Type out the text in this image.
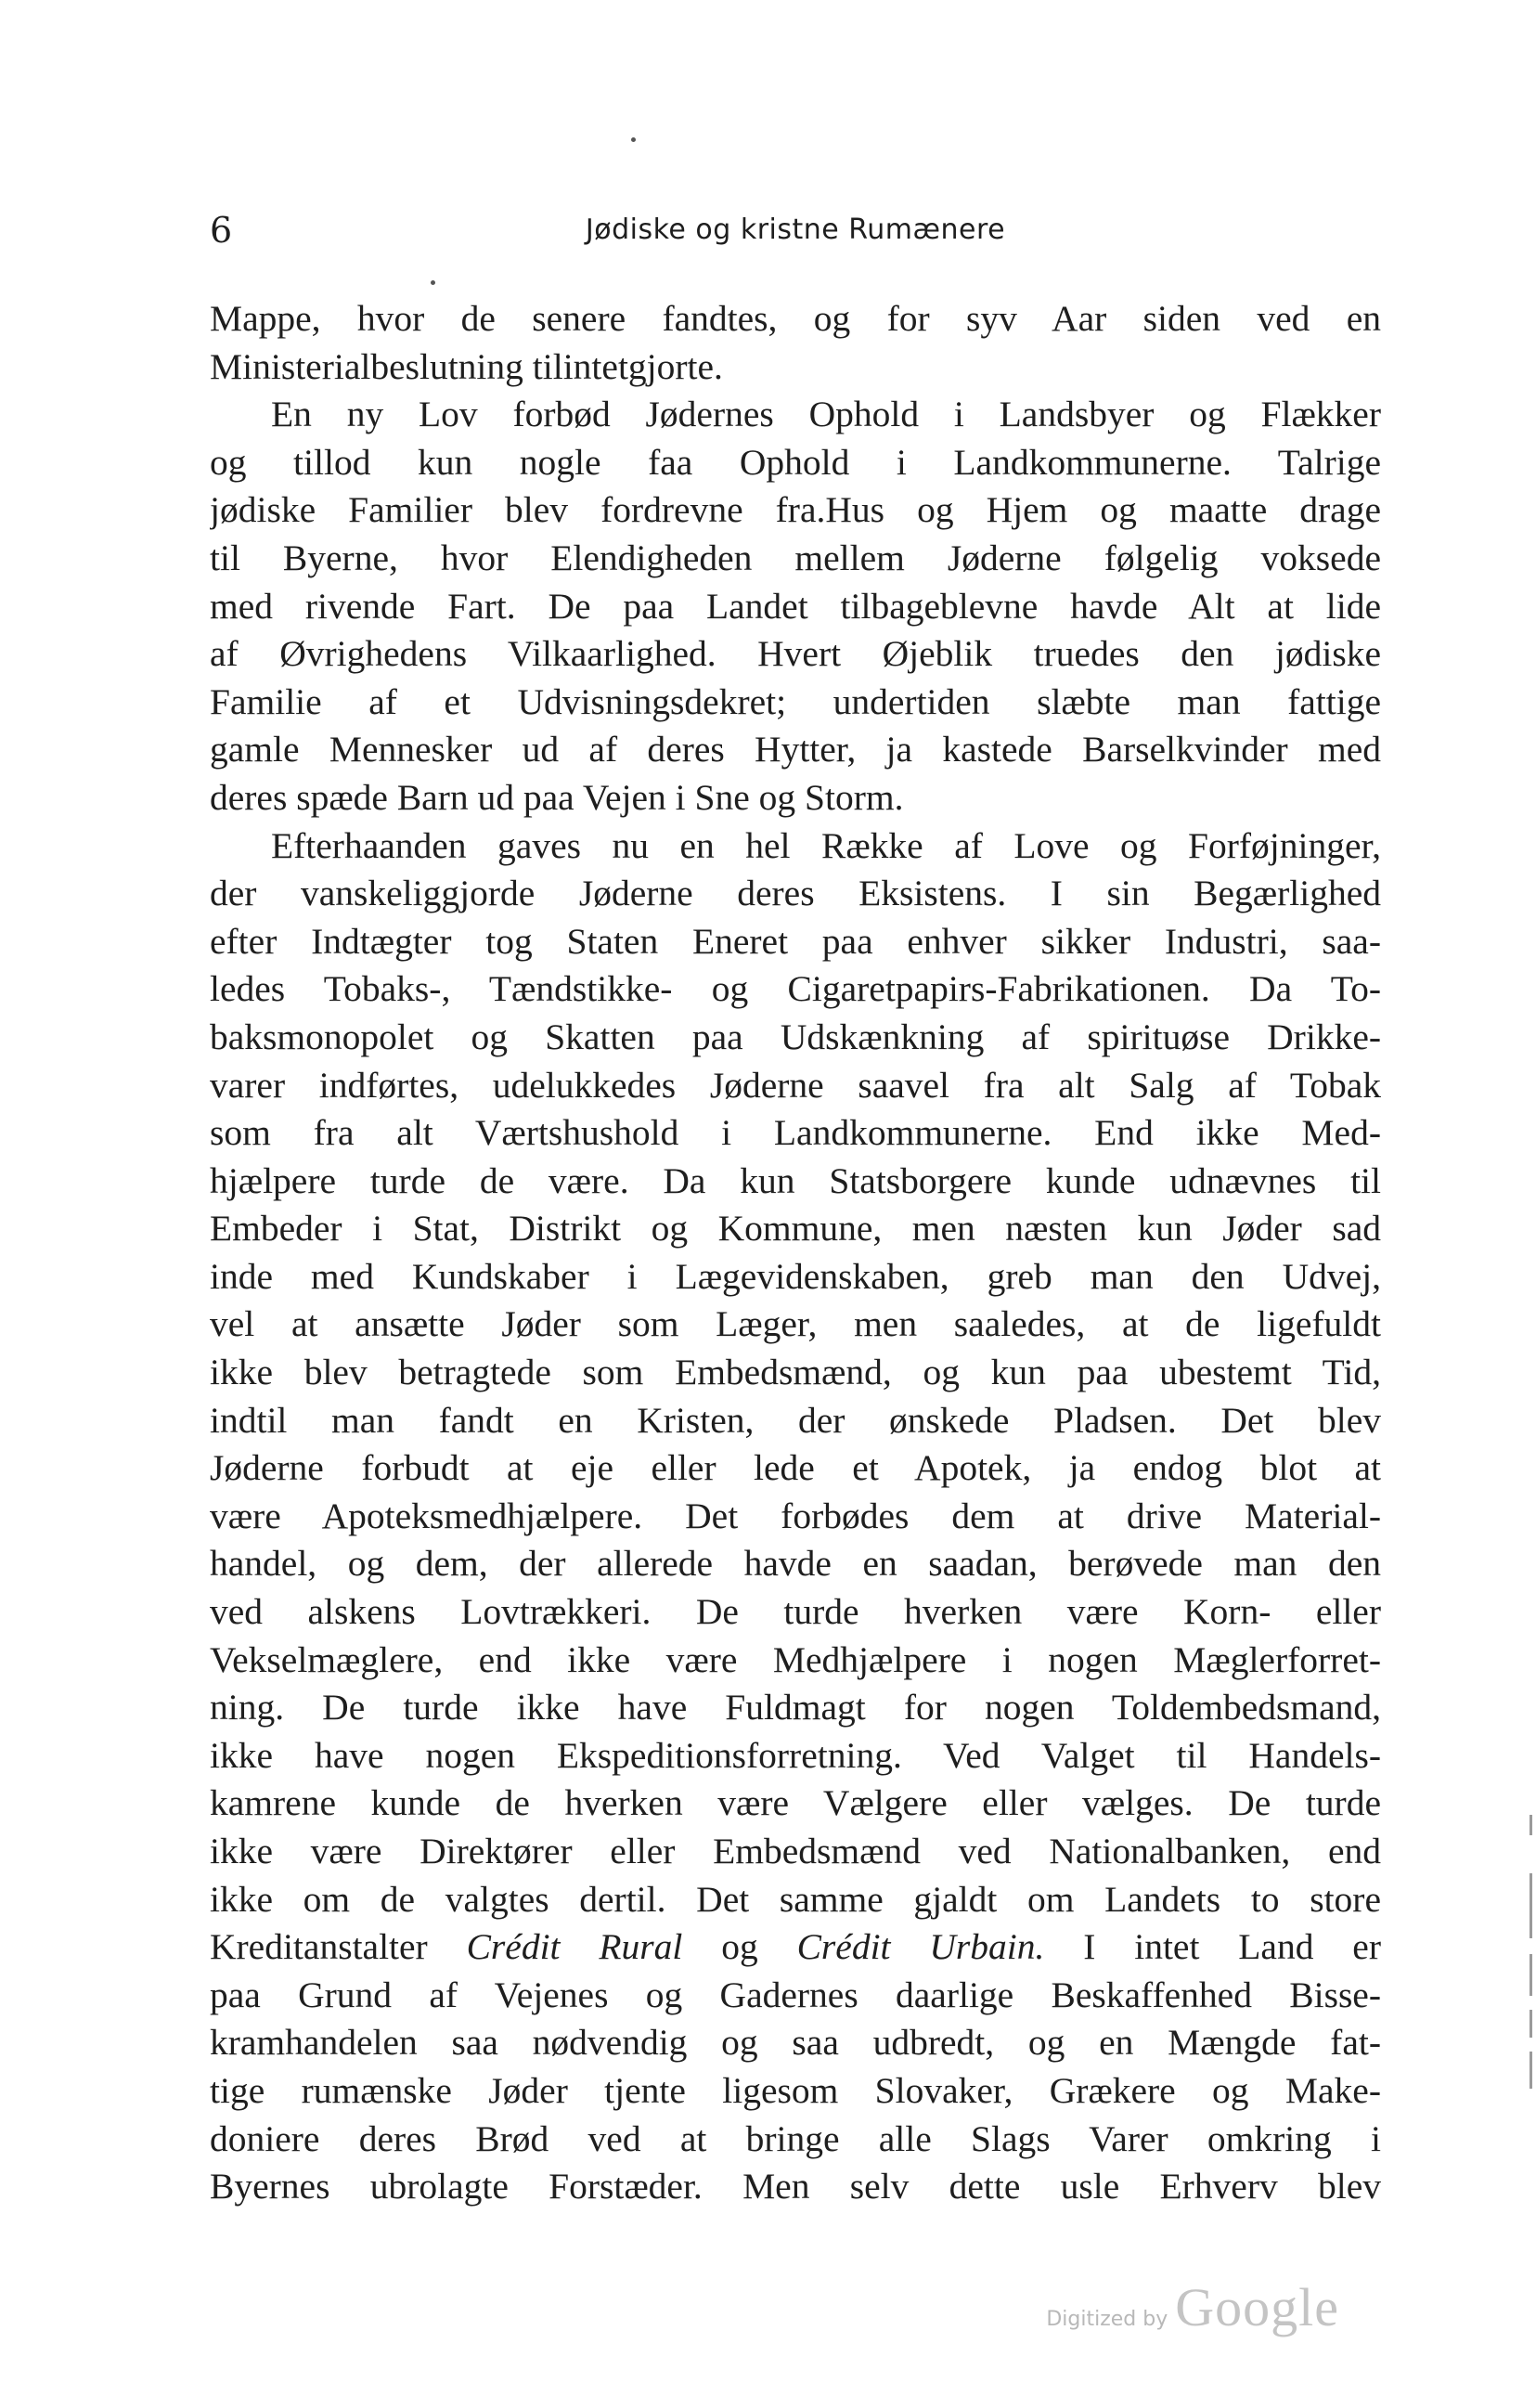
6	Jødiske og kristne Rumænere
Mappe, hvor de senere fandtes, og for syv Aar siden ved en
Ministerialbeslutning tilintetgjorte.
En ny Lov forbød Jødernes Ophold i Landsbyer og Flækker
og tillod kun nogle faa Ophold i Landkommunerne. Talrige
jødiske Familier blev fordrevne fra.Hus og Hjem og maatte drage
til Byerne, hvor Elendigheden mellem Jøderne følgelig voksede
med rivende Fart. De paa Landet tilbageblevne havde Alt at lide
af Øvrighedens Vilkaarlighed. Hvert Øjeblik truedes den jødiske
Familie af et Udvisningsdekret; undertiden slæbte man fattige
gamle Mennesker ud af deres Hytter, ja kastede Barselkvinder med
deres spæde Barn ud paa Vejen i Sne og Storm.
Efterhaanden gaves nu en hel Række af Love og Forføjninger,
der vanskeliggjorde Jøderne deres Eksistens. I sin Begærlighed
efter Indtægter tog Staten Eneret paa enhver sikker Industri, saa-
ledes Tobaks-, Tændstikke- og Cigaretpapirs-Fabrikationen. Da To-
baksmonopolet og Skatten paa Udskænkning af spirituøse Drikke-
varer indførtes, udelukkedes Jøderne saavel fra alt Salg af Tobak
som fra alt Værtshushold i Landkommunerne. End ikke Med-
hjælpere turde de være. Da kun Statsborgere kunde udnævnes til
Embeder i Stat, Distrikt og Kommune, men næsten kun Jøder sad
inde med Kundskaber i Lægevidenskaben, greb man den Udvej,
vel at ansætte Jøder som Læger, men saaledes, at de ligefuldt
ikke blev betragtede som Embedsmænd, og kun paa ubestemt Tid,
indtil man fandt en Kristen, der ønskede Pladsen. Det blev
Jøderne forbudt at eje eller lede et Apotek, ja endog blot at
være Apoteksmedhjælpere. Det forbødes dem at drive Material-
handel, og dem, der allerede havde en saadan, berøvede man den
ved alskens Lovtrækkeri. De turde hverken være Korn- eller
Vekselmæglere, end ikke være Medhjælpere i nogen Mæglerforret-
ning. De turde ikke have Fuldmagt for nogen Toldembedsmand,
ikke have nogen Ekspeditionsforretning. Ved Valget til Handels-
kamrene kunde de hverken være Vælgere eller vælges. De turde
ikke være Direktører eller Embedsmænd ved Nationalbanken, end
ikke om de valgtes dertil. Det samme gjaldt om Landets to store
Kreditanstalter Crédit Rural og Crédit Urbain. I intet Land er
paa Grund af Vejenes og Gadernes daarlige Beskaffenhed Bisse-
kramhandelen saa nødvendig og saa udbredt, og en Mængde fat-
tige rumænske Jøder tjente ligesom Slovaker, Grækere og Make-
doniere deres Brød ved at bringe alle Slags Varer omkring i
Byernes ubrolagte Forstæder. Men selv dette usle Erhverv blev
Digitized by Google
